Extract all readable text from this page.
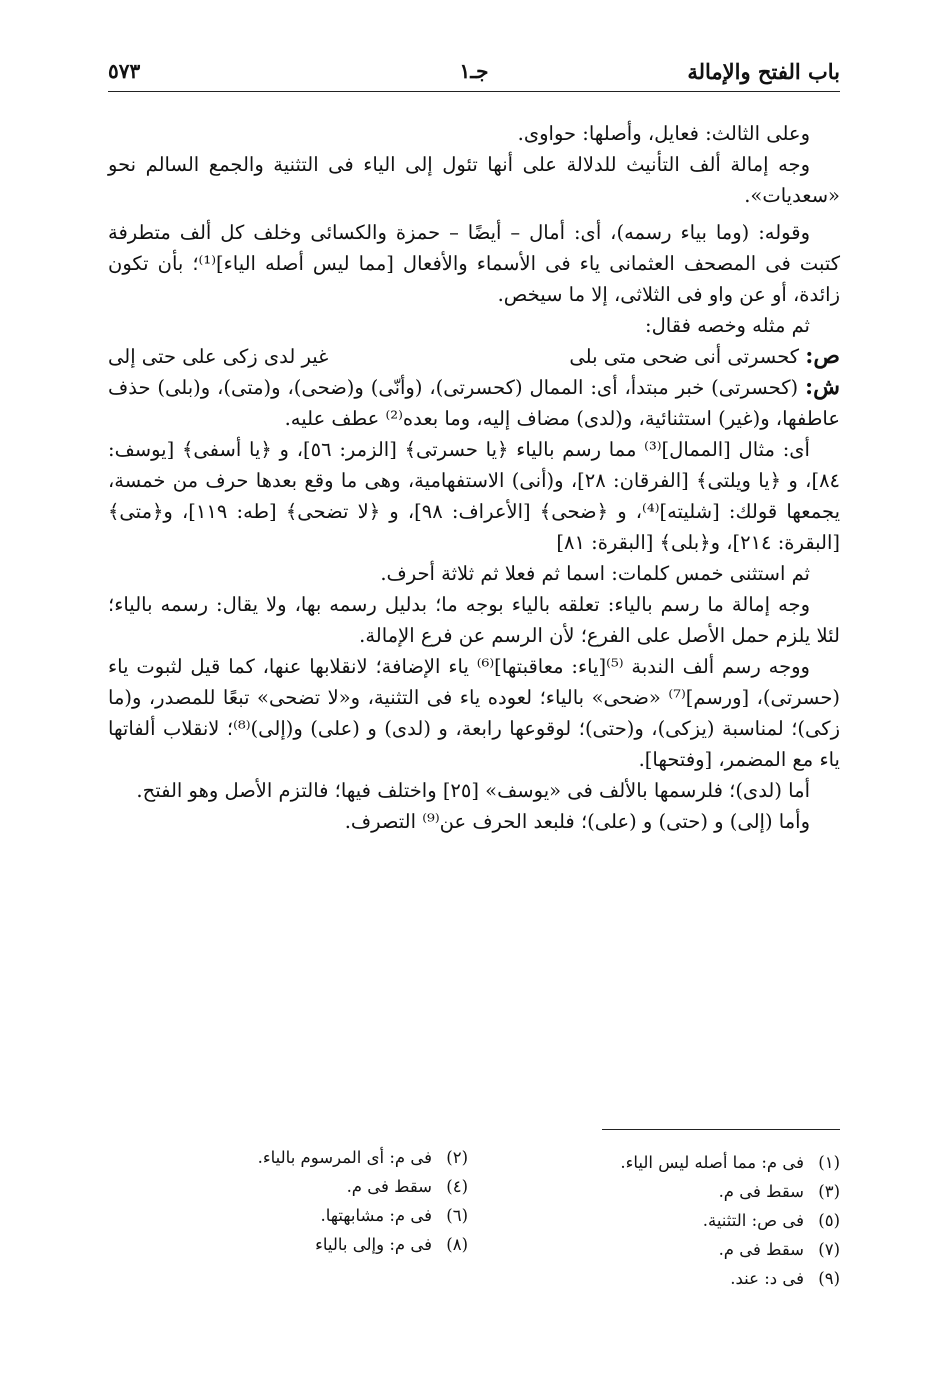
باب الفتح والإمالة
جـ١
٥٧٣

وعلى الثالث: فعايل، وأصلها: حواوى.

وجه إمالة ألف التأنيث للدلالة على أنها تئول إلى الياء فى التثنية والجمع السالم نحو «سعديات».

وقوله: (وما بياء رسمه)، أى: أمال – أيضًا – حمزة والكسائى وخلف كل ألف متطرفة كتبت فى المصحف العثمانى ياء فى الأسماء والأفعال [مما ليس أصله الياء]⁽¹⁾؛ بأن تكون زائدة، أو عن واو فى الثلاثى، إلا ما سيخص.

ثم مثله وخصه فقال:

ص: كحسرتى أنى ضحى متى بلى
غير لدى زكى على حتى إلى

ش: (كحسرتى) خبر مبتدأ، أى: الممال (كحسرتى)، (وأنّى) و(ضحى)، و(متى)، و(بلى) حذف عاطفها، و(غير) استثنائية، و(لدى) مضاف إليه، وما بعده⁽²⁾ عطف عليه.

أى: مثال [الممال]⁽³⁾ مما رسم بالياء ﴿يا حسرتى﴾ [الزمر: ٥٦]، و ﴿يا أسفى﴾ [يوسف: ٨٤]، و ﴿يا ويلتى﴾ [الفرقان: ٢٨]، و(أنى) الاستفهامية، وهى ما وقع بعدها حرف من خمسة، يجمعها قولك: [شليته]⁽⁴⁾، و ﴿ضحى﴾ [الأعراف: ٩٨]، و ﴿لا تضحى﴾ [طه: ١١٩]، و﴿متى﴾ [البقرة: ٢١٤]، و﴿بلى﴾ [البقرة: ٨١]

ثم استثنى خمس كلمات: اسما ثم فعلا ثم ثلاثة أحرف.

وجه إمالة ما رسم بالياء: تعلقه بالياء بوجه ما؛ بدليل رسمه بها، ولا يقال: رسمه بالياء؛ لئلا يلزم حمل الأصل على الفرع؛ لأن الرسم عن فرع الإمالة.

ووجه رسم ألف الندبة ⁽⁵⁾[ياء: معاقبتها]⁽⁶⁾ ياء الإضافة؛ لانقلابها عنها، كما قيل لثبوت ياء (حسرتى)، [ورسم]⁽⁷⁾ «ضحى» بالياء؛ لعوده ياء فى التثنية، و«لا تضحى» تبعًا للمصدر، و(ما زكى)؛ لمناسبة (يزكى)، و(حتى)؛ لوقوعها رابعة، و (لدى) و (على) و(إلى)⁽⁸⁾؛ لانقلاب ألفاتها ياء مع المضمر، [وفتحها].

أما (لدى)؛ فلرسمها بالألف فى «يوسف» [٢٥] واختلف فيها؛ فالتزم الأصل وهو الفتح.

وأما (إلى) و (حتى) و (على)؛ فلبعد الحرف عن⁽⁹⁾ التصرف.

(١)فى م: مما أصله ليس الياء.
(٣)سقط فى م.
(٥)فى ص: التثنية.
(٧)سقط فى م.
(٩)فى د: عند.
(٢)فى م: أى المرسوم بالياء.
(٤)سقط فى م.
(٦)فى م: مشابهتها.
(٨)فى م: وإلى بالياء
